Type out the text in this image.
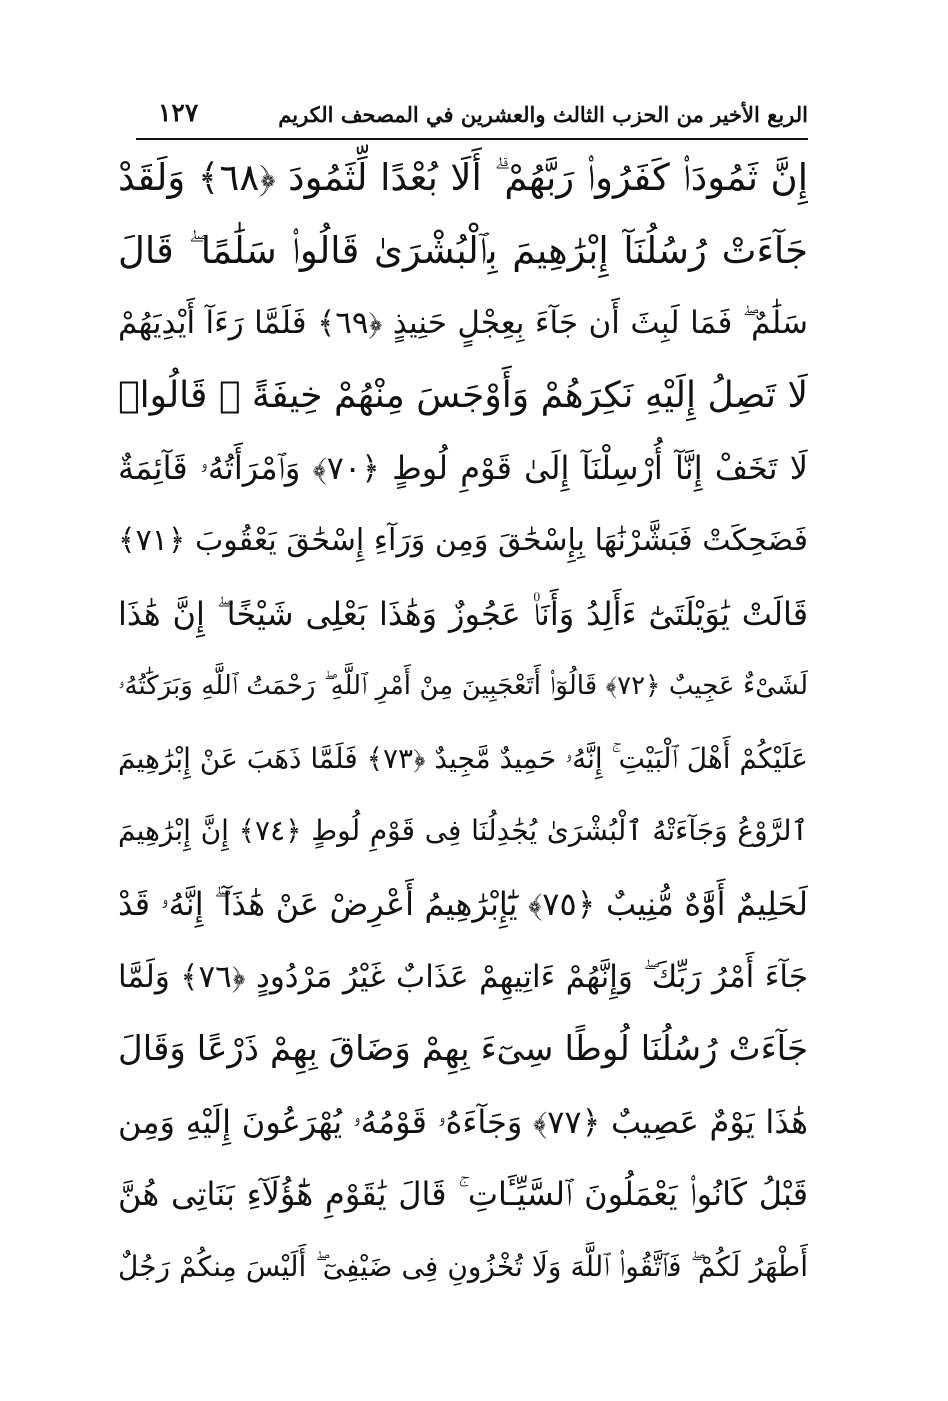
الربع الأخير من الحزب الثالث والعشرين في المصحف الكريم
١٢٧
إِنَّ ثَمُودَا۟ كَفَرُوا۟ رَبَّهُمْ ۗ أَلَا بُعْدًا لِّثَمُودَ ﴿٦٨﴾ وَلَقَدْ
جَآءَتْ رُسُلُنَآ إِبْرَٰهِيمَ بِٱلْبُشْرَىٰ قَالُوا۟ سَلَٰمًا ۖ قَالَ
سَلَٰمٌ ۖ فَمَا لَبِثَ أَن جَآءَ بِعِجْلٍ حَنِيذٍ ﴿٦٩﴾ فَلَمَّا رَءَآ أَيْدِيَهُمْ
لَا تَصِلُ إِلَيْهِ نَكِرَهُمْ وَأَوْجَسَ مِنْهُمْ خِيفَةً ۚ قَالُوا۟
لَا تَخَفْ إِنَّآ أُرْسِلْنَآ إِلَىٰ قَوْمِ لُوطٍ ﴿٧٠﴾ وَٱمْرَأَتُهُۥ قَآئِمَةٌ
فَضَحِكَتْ فَبَشَّرْنَٰهَا بِإِسْحَٰقَ وَمِن وَرَآءِ إِسْحَٰقَ يَعْقُوبَ ﴿٧١﴾
قَالَتْ يَٰوَيْلَتَىٰٓ ءَأَلِدُ وَأَنَا۠ عَجُوزٌ وَهَٰذَا بَعْلِى شَيْخًا ۖ إِنَّ هَٰذَا
لَشَىْءٌ عَجِيبٌ ﴿٧٢﴾ قَالُوٓا۟ أَتَعْجَبِينَ مِنْ أَمْرِ ٱللَّهِ ۖ رَحْمَتُ ٱللَّهِ وَبَرَكَٰتُهُۥ
عَلَيْكُمْ أَهْلَ ٱلْبَيْتِ ۚ إِنَّهُۥ حَمِيدٌ مَّجِيدٌ ﴿٧٣﴾ فَلَمَّا ذَهَبَ عَنْ إِبْرَٰهِيمَ
ٱلرَّوْعُ وَجَآءَتْهُ ٱلْبُشْرَىٰ يُجَٰدِلُنَا فِى قَوْمِ لُوطٍ ﴿٧٤﴾ إِنَّ إِبْرَٰهِيمَ
لَحَلِيمٌ أَوَّٰهٌ مُّنِيبٌ ﴿٧٥﴾ يَٰٓإِبْرَٰهِيمُ أَعْرِضْ عَنْ هَٰذَآ ۖ إِنَّهُۥ قَدْ
جَآءَ أَمْرُ رَبِّكَ ۖ وَإِنَّهُمْ ءَاتِيهِمْ عَذَابٌ غَيْرُ مَرْدُودٍ ﴿٧٦﴾ وَلَمَّا
جَآءَتْ رُسُلُنَا لُوطًا سِىٓءَ بِهِمْ وَضَاقَ بِهِمْ ذَرْعًا وَقَالَ
هَٰذَا يَوْمٌ عَصِيبٌ ﴿٧٧﴾ وَجَآءَهُۥ قَوْمُهُۥ يُهْرَعُونَ إِلَيْهِ وَمِن
قَبْلُ كَانُوا۟ يَعْمَلُونَ ٱلسَّيِّـَٔاتِ ۚ قَالَ يَٰقَوْمِ هَٰٓؤُلَآءِ بَنَاتِى هُنَّ
أَطْهَرُ لَكُمْ ۖ فَٱتَّقُوا۟ ٱللَّهَ وَلَا تُخْزُونِ فِى ضَيْفِىٓ ۖ أَلَيْسَ مِنكُمْ رَجُلٌ
